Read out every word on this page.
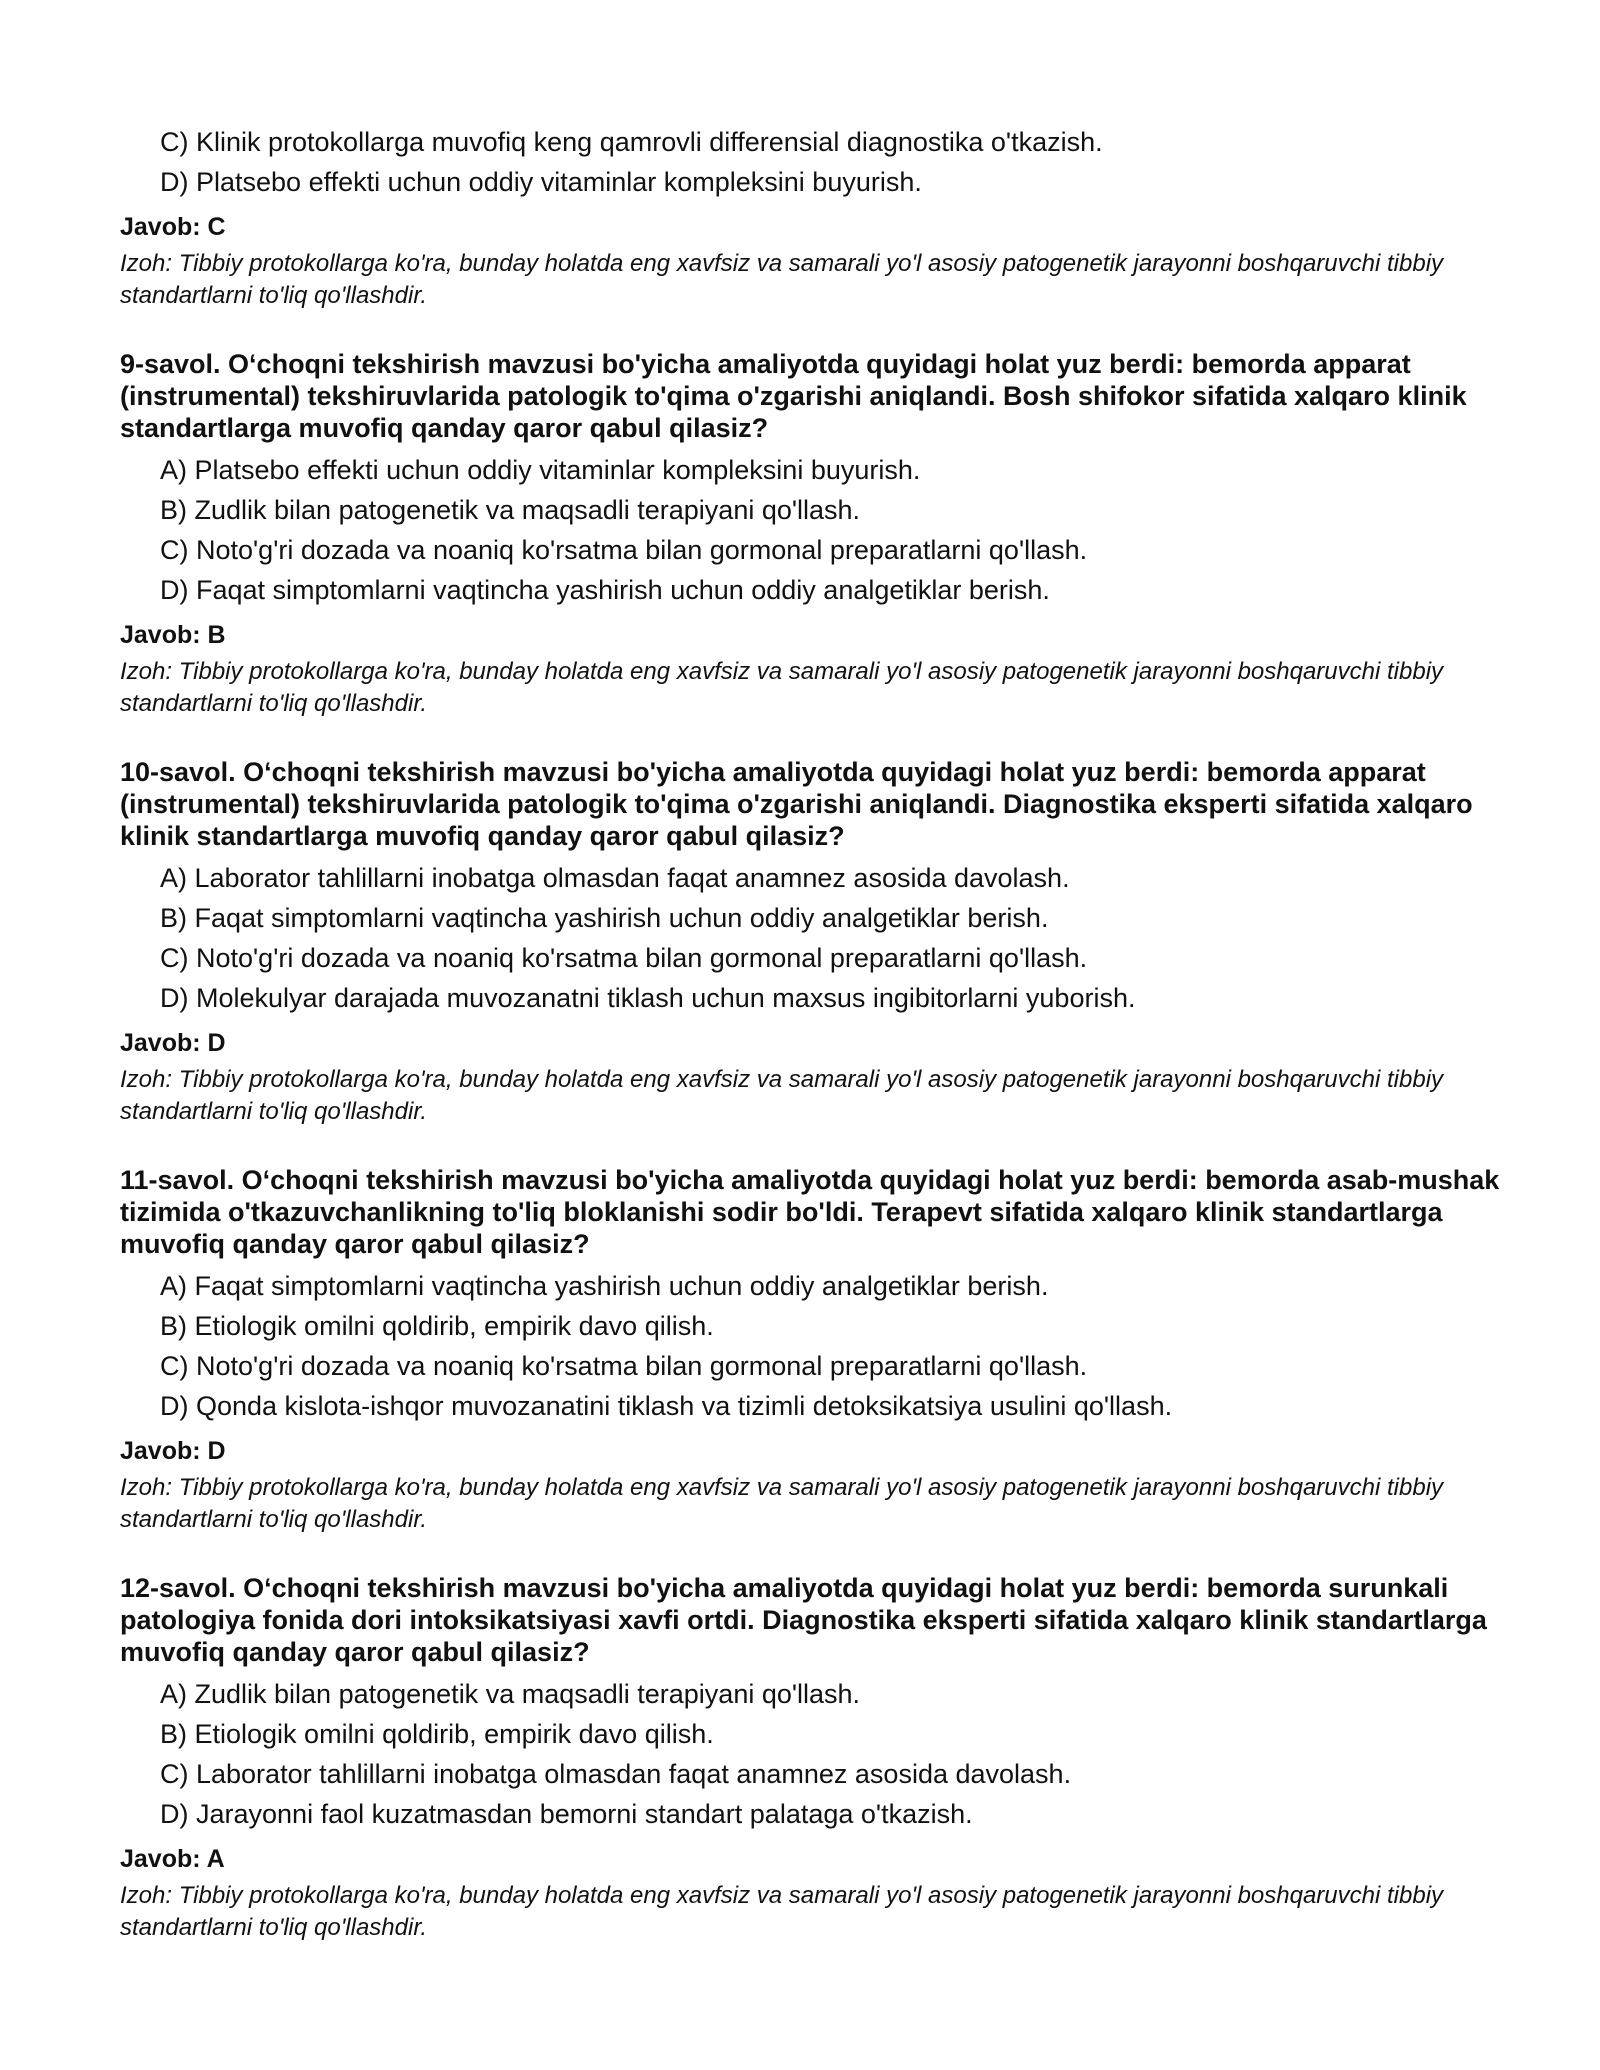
C) Klinik protokollarga muvofiq keng qamrovli differensial diagnostika o'tkazish.
D) Platsebo effekti uchun oddiy vitaminlar kompleksini buyurish.
Javob: C
Izoh: Tibbiy protokollarga ko'ra, bunday holatda eng xavfsiz va samarali yo'l asosiy patogenetik jarayonni boshqaruvchi tibbiy standartlarni to'liq qo'llashdir.
9-savol. O‘choqni tekshirish mavzusi bo'yicha amaliyotda quyidagi holat yuz berdi: bemorda apparat (instrumental) tekshiruvlarida patologik to'qima o'zgarishi aniqlandi. Bosh shifokor sifatida xalqaro klinik standartlarga muvofiq qanday qaror qabul qilasiz?
A) Platsebo effekti uchun oddiy vitaminlar kompleksini buyurish.
B) Zudlik bilan patogenetik va maqsadli terapiyani qo'llash.
C) Noto'g'ri dozada va noaniq ko'rsatma bilan gormonal preparatlarni qo'llash.
D) Faqat simptomlarni vaqtincha yashirish uchun oddiy analgetiklar berish.
Javob: B
Izoh: Tibbiy protokollarga ko'ra, bunday holatda eng xavfsiz va samarali yo'l asosiy patogenetik jarayonni boshqaruvchi tibbiy standartlarni to'liq qo'llashdir.
10-savol. O‘choqni tekshirish mavzusi bo'yicha amaliyotda quyidagi holat yuz berdi: bemorda apparat (instrumental) tekshiruvlarida patologik to'qima o'zgarishi aniqlandi. Diagnostika eksperti sifatida xalqaro klinik standartlarga muvofiq qanday qaror qabul qilasiz?
A) Laborator tahlillarni inobatga olmasdan faqat anamnez asosida davolash.
B) Faqat simptomlarni vaqtincha yashirish uchun oddiy analgetiklar berish.
C) Noto'g'ri dozada va noaniq ko'rsatma bilan gormonal preparatlarni qo'llash.
D) Molekulyar darajada muvozanatni tiklash uchun maxsus ingibitorlarni yuborish.
Javob: D
Izoh: Tibbiy protokollarga ko'ra, bunday holatda eng xavfsiz va samarali yo'l asosiy patogenetik jarayonni boshqaruvchi tibbiy standartlarni to'liq qo'llashdir.
11-savol. O‘choqni tekshirish mavzusi bo'yicha amaliyotda quyidagi holat yuz berdi: bemorda asab-mushak tizimida o'tkazuvchanlikning to'liq bloklanishi sodir bo'ldi. Terapevt sifatida xalqaro klinik standartlarga muvofiq qanday qaror qabul qilasiz?
A) Faqat simptomlarni vaqtincha yashirish uchun oddiy analgetiklar berish.
B) Etiologik omilni qoldirib, empirik davo qilish.
C) Noto'g'ri dozada va noaniq ko'rsatma bilan gormonal preparatlarni qo'llash.
D) Qonda kislota-ishqor muvozanatini tiklash va tizimli detoksikatsiya usulini qo'llash.
Javob: D
Izoh: Tibbiy protokollarga ko'ra, bunday holatda eng xavfsiz va samarali yo'l asosiy patogenetik jarayonni boshqaruvchi tibbiy standartlarni to'liq qo'llashdir.
12-savol. O‘choqni tekshirish mavzusi bo'yicha amaliyotda quyidagi holat yuz berdi: bemorda surunkali patologiya fonida dori intoksikatsiyasi xavfi ortdi. Diagnostika eksperti sifatida xalqaro klinik standartlarga muvofiq qanday qaror qabul qilasiz?
A) Zudlik bilan patogenetik va maqsadli terapiyani qo'llash.
B) Etiologik omilni qoldirib, empirik davo qilish.
C) Laborator tahlillarni inobatga olmasdan faqat anamnez asosida davolash.
D) Jarayonni faol kuzatmasdan bemorni standart palataga o'tkazish.
Javob: A
Izoh: Tibbiy protokollarga ko'ra, bunday holatda eng xavfsiz va samarali yo'l asosiy patogenetik jarayonni boshqaruvchi tibbiy standartlarni to'liq qo'llashdir.
